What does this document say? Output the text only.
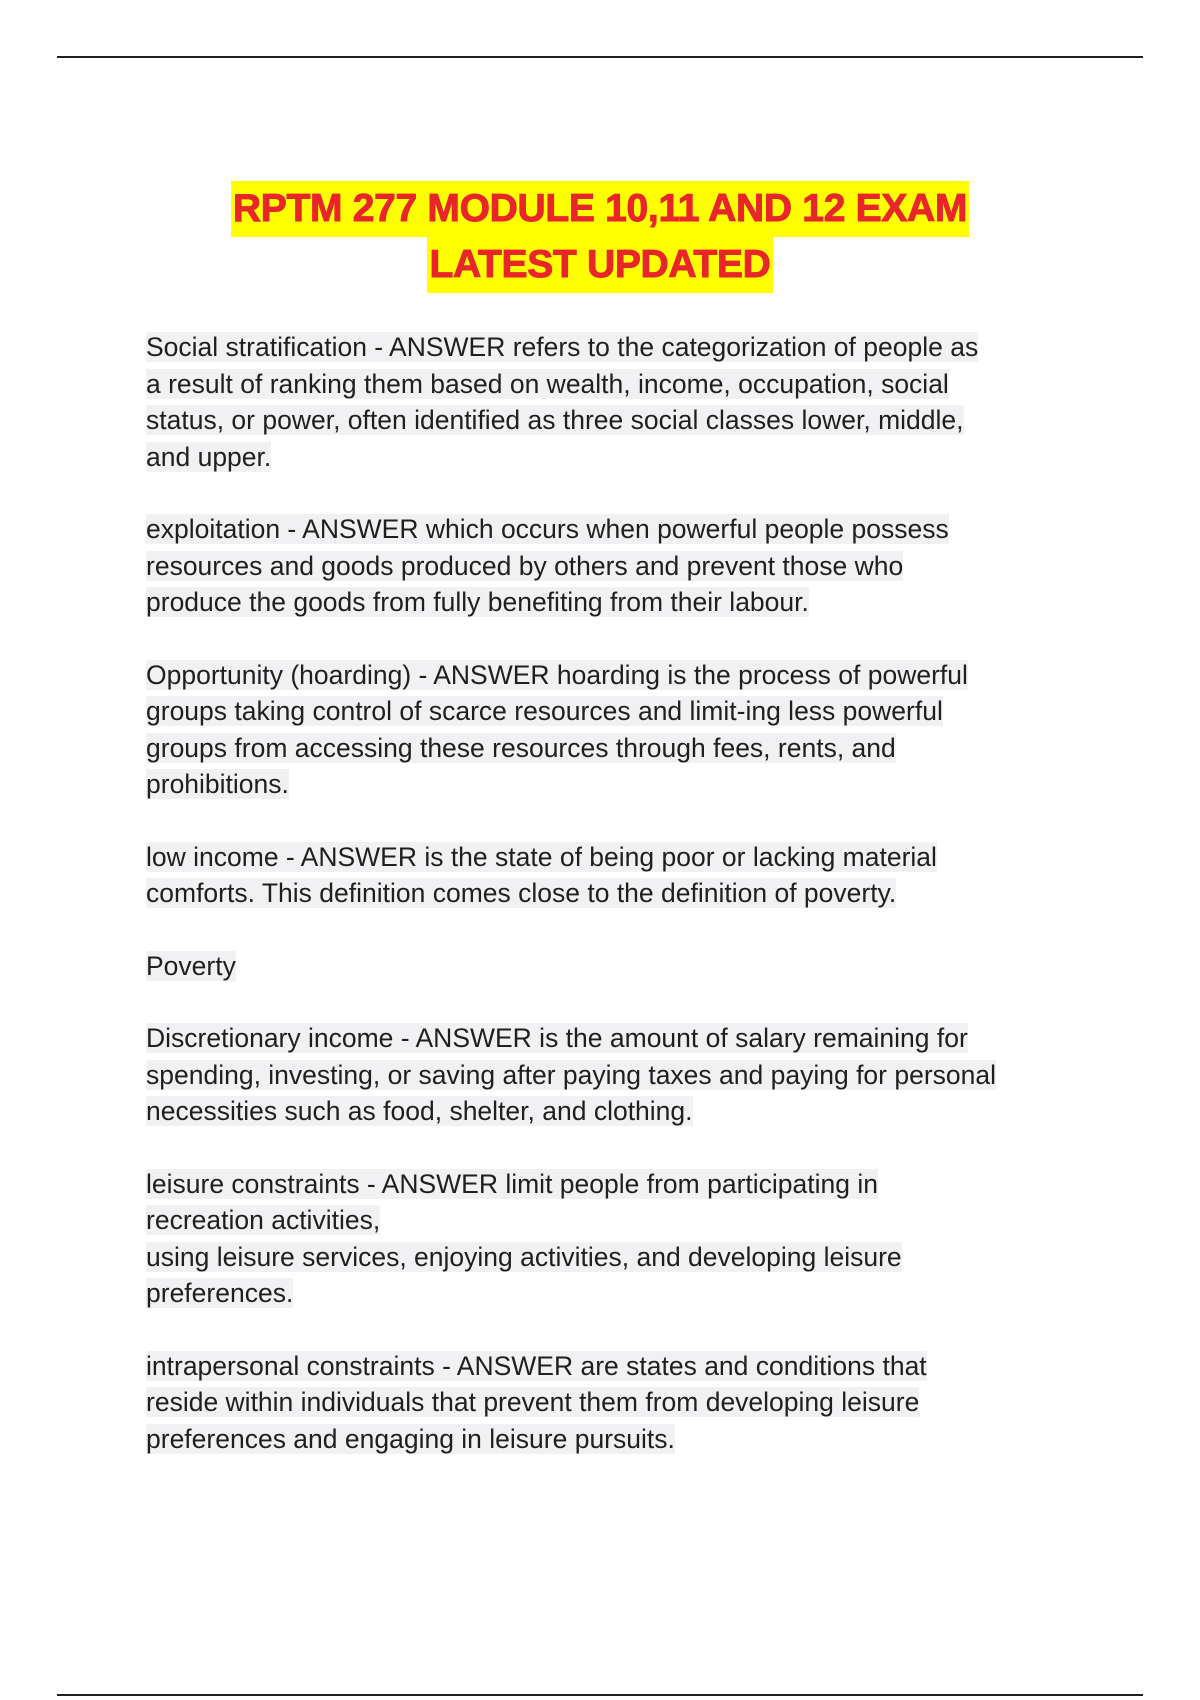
RPTM 277 MODULE 10,11 AND 12 EXAM
LATEST UPDATED
Social stratification - ANSWER refers to the categorization of people as
a result of ranking them based on wealth, income, occupation, social
status, or power, often identified as three social classes lower, middle,
and upper.
exploitation - ANSWER which occurs when powerful people possess
resources and goods produced by others and prevent those who
produce the goods from fully benefiting from their labour.
Opportunity (hoarding) - ANSWER hoarding is the process of powerful
groups taking control of scarce resources and limit-ing less powerful
groups from accessing these resources through fees, rents, and
prohibitions.
low income - ANSWER is the state of being poor or lacking material
comforts. This definition comes close to the definition of poverty.
Poverty
Discretionary income - ANSWER is the amount of salary remaining for
spending, investing, or saving after paying taxes and paying for personal
necessities such as food, shelter, and clothing.
leisure constraints - ANSWER limit people from participating in
recreation activities,
using leisure services, enjoying activities, and developing leisure
preferences.
intrapersonal constraints - ANSWER are states and conditions that
reside within individuals that prevent them from developing leisure
preferences and engaging in leisure pursuits.
